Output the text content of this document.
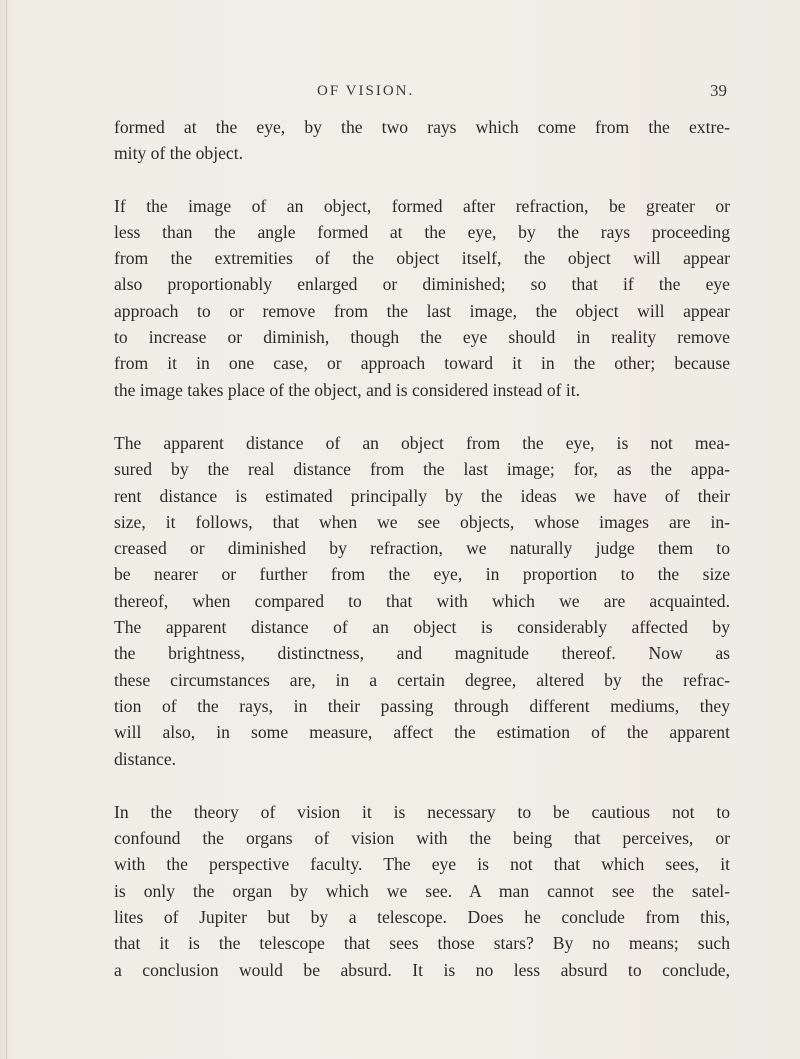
OF VISION.	39

formed at the eye, by the two rays which come from the extre-
mity of the object.

If the image of an object, formed after refraction, be greater or
less than the angle formed at the eye, by the rays proceeding
from the extremities of the object itself, the object will appear
also proportionably enlarged or diminished; so that if the eye
approach to or remove from the last image, the object will appear
to increase or diminish, though the eye should in reality remove
from it in one case, or approach toward it in the other; because
the image takes place of the object, and is considered instead of it.

The apparent distance of an object from the eye, is not mea-
sured by the real distance from the last image; for, as the appa-
rent distance is estimated principally by the ideas we have of their
size, it follows, that when we see objects, whose images are in-
creased or diminished by refraction, we naturally judge them to
be nearer or further from the eye, in proportion to the size
thereof, when compared to that with which we are acquainted.
The apparent distance of an object is considerably affected by
the brightness, distinctness, and magnitude thereof. Now as
these circumstances are, in a certain degree, altered by the refrac-
tion of the rays, in their passing through different mediums, they
will also, in some measure, affect the estimation of the apparent
distance.

In the theory of vision it is necessary to be cautious not to
confound the organs of vision with the being that perceives, or
with the perspective faculty. The eye is not that which sees, it
is only the organ by which we see. A man cannot see the satel-
lites of Jupiter but by a telescope. Does he conclude from this,
that it is the telescope that sees those stars? By no means; such
a conclusion would be absurd. It is no less absurd to conclude,
